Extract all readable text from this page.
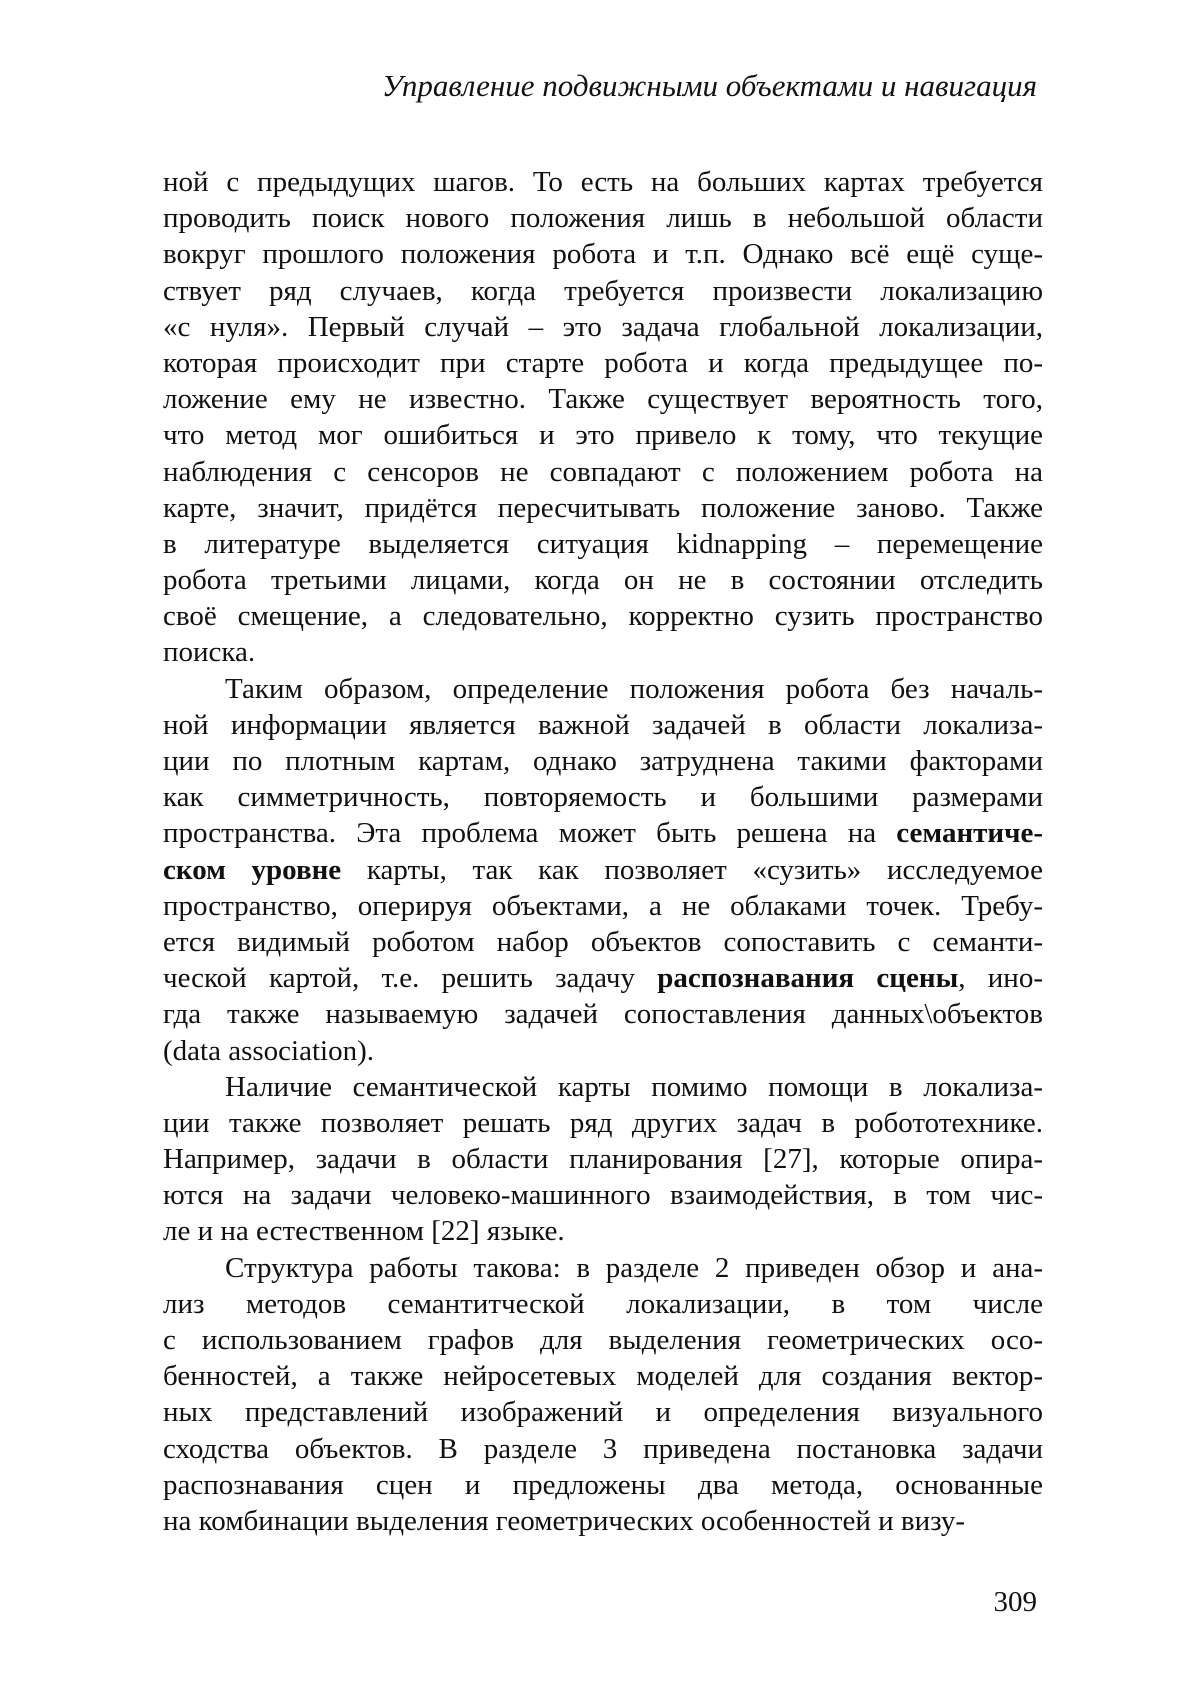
Управление подвижными объектами и навигация

ной с предыдущих шагов. То есть на больших картах требуется
проводить поиск нового положения лишь в небольшой области
вокруг прошлого положения робота и т.п. Однако всё ещё суще-
ствует ряд случаев, когда требуется произвести локализацию
«с нуля». Первый случай – это задача глобальной локализации,
которая происходит при старте робота и когда предыдущее по-
ложение ему не известно. Также существует вероятность того,
что метод мог ошибиться и это привело к тому, что текущие
наблюдения с сенсоров не совпадают с положением робота на
карте, значит, придётся пересчитывать положение заново. Также
в литературе выделяется ситуация kidnapping – перемещение
робота третьими лицами, когда он не в состоянии отследить
своё смещение, а следовательно, корректно сузить пространство
поиска.

Таким образом, определение положения робота без началь-
ной информации является важной задачей в области локализа-
ции по плотным картам, однако затруднена такими факторами
как симметричность, повторяемость и большими размерами
пространства. Эта проблема может быть решена на семантиче-
ском уровне карты, так как позволяет «сузить» исследуемое
пространство, оперируя объектами, а не облаками точек. Требу-
ется видимый роботом набор объектов сопоставить с семанти-
ческой картой, т.е. решить задачу распознавания сцены, ино-
гда также называемую задачей сопоставления данных\объектов
(data association).

Наличие семантической карты помимо помощи в локализа-
ции также позволяет решать ряд других задач в робототехнике.
Например, задачи в области планирования [27], которые опира-
ются на задачи человеко-машинного взаимодействия, в том чис-
ле и на естественном [22] языке.

Структура работы такова: в разделе 2 приведен обзор и ана-
лиз методов семантитческой локализации, в том числе
с использованием графов для выделения геометрических осо-
бенностей, а также нейросетевых моделей для создания вектор-
ных представлений изображений и определения визуального
сходства объектов. В разделе 3 приведена постановка задачи
распознавания сцен и предложены два метода, основанные
на комбинации выделения геометрических особенностей и визу-

309
